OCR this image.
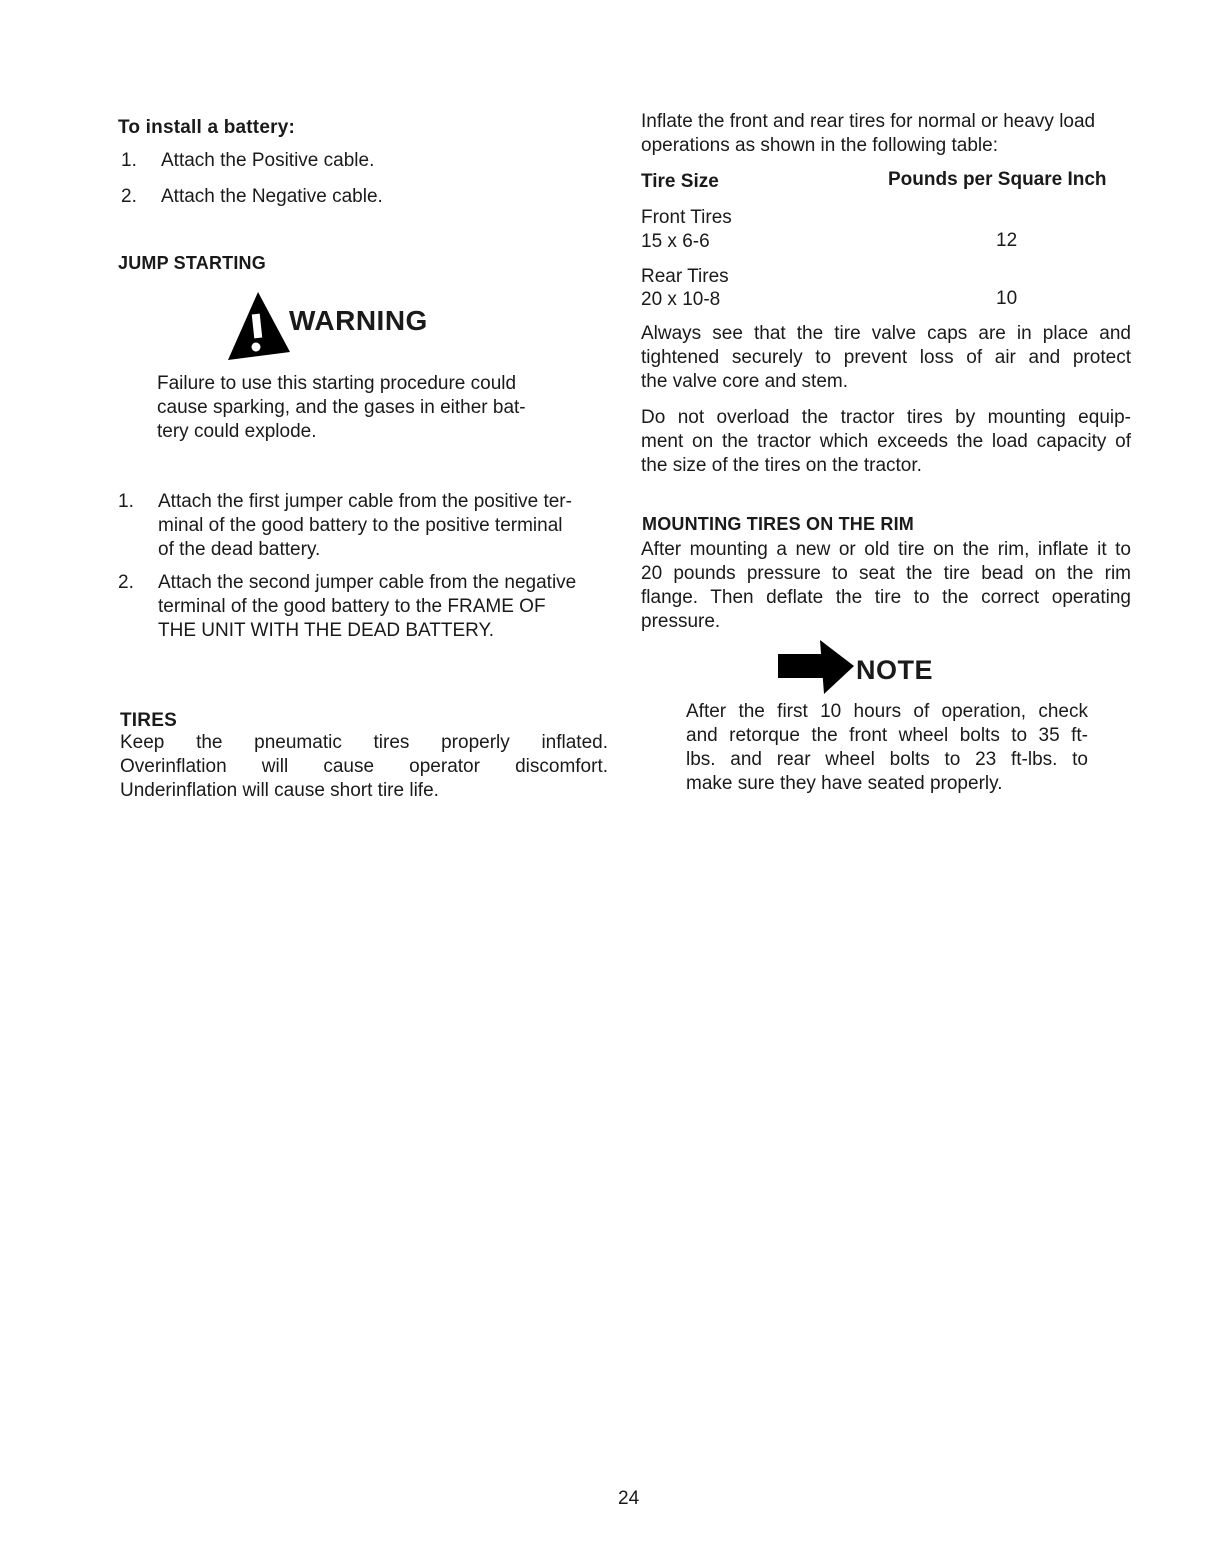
To install a battery:
1. Attach the Positive cable.
2. Attach the Negative cable.
JUMP STARTING
WARNING
Failure to use this starting procedure could
cause sparking, and the gases in either bat-
tery could explode.
1. Attach the first jumper cable from the positive ter-
minal of the good battery to the positive terminal
of the dead battery.
2. Attach the second jumper cable from the negative
terminal of the good battery to the FRAME OF
THE UNIT WITH THE DEAD BATTERY.
TIRES
Keep the pneumatic tires properly inflated.
Overinflation will cause operator discomfort.
Underinflation will cause short tire life.
Inflate the front and rear tires for normal or heavy load
operations as shown in the following table:
Tire Size	Pounds per Square Inch
Front Tires
15 x 6-6	12
Rear Tires
20 x 10-8	10
Always see that the tire valve caps are in place and
tightened securely to prevent loss of air and protect
the valve core and stem.
Do not overload the tractor tires by mounting equip-
ment on the tractor which exceeds the load capacity of
the size of the tires on the tractor.
MOUNTING TIRES ON THE RIM
After mounting a new or old tire on the rim, inflate it to
20 pounds pressure to seat the tire bead on the rim
flange. Then deflate the tire to the correct operating
pressure.
NOTE
After the first 10 hours of operation, check
and retorque the front wheel bolts to 35 ft-
lbs. and rear wheel bolts to 23 ft-lbs. to
make sure they have seated properly.
24
